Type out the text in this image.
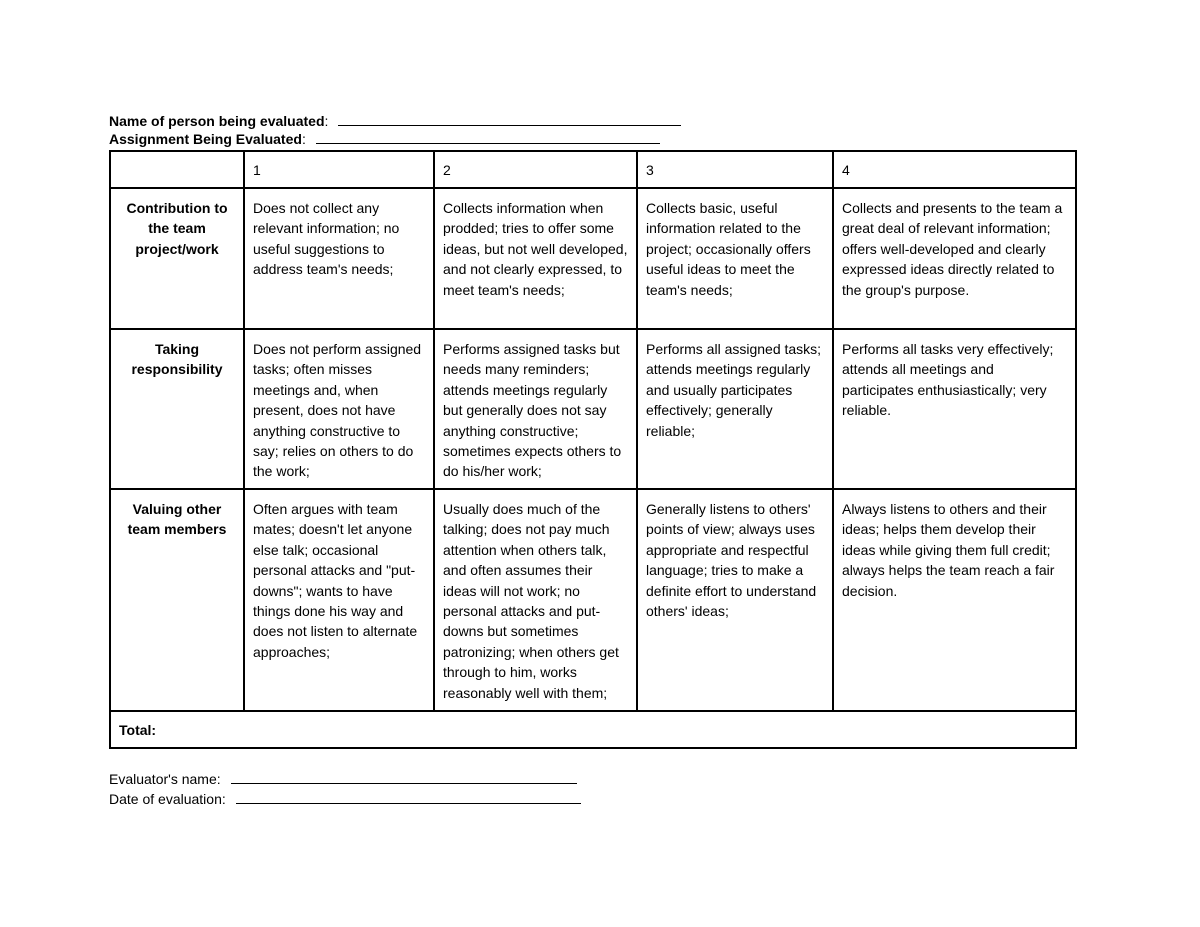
Name of person being evaluated:
Assignment Being Evaluated:
	1	2	3	4
Contribution to the team project/work	Does not collect any relevant information; no useful suggestions to address team's needs;	Collects information when prodded; tries to offer some ideas, but not well developed, and not clearly expressed, to meet team's needs;	Collects basic, useful information related to the project; occasionally offers useful ideas to meet the team's needs;	Collects and presents to the team a great deal of relevant information; offers well-developed and clearly expressed ideas directly related to the group's purpose.
Taking responsibility	Does not perform assigned tasks; often misses meetings and, when present, does not have anything constructive to say; relies on others to do the work;	Performs assigned tasks but needs many reminders; attends meetings regularly but generally does not say anything constructive; sometimes expects others to do his/her work;	Performs all assigned tasks; attends meetings regularly and usually participates effectively; generally reliable;	Performs all tasks very effectively; attends all meetings and participates enthusiastically; very reliable.
Valuing other team members	Often argues with team mates; doesn't let anyone else talk; occasional personal attacks and "put-downs"; wants to have things done his way and does not listen to alternate approaches;	Usually does much of the talking; does not pay much attention when others talk, and often assumes their ideas will not work; no personal attacks and put-downs but sometimes patronizing; when others get through to him, works reasonably well with them;	Generally listens to others' points of view; always uses appropriate and respectful language; tries to make a definite effort to understand others' ideas;	Always listens to others and their ideas; helps them develop their ideas while giving them full credit; always helps the team reach a fair decision.
Total:				
Evaluator's name:
Date of evaluation:
